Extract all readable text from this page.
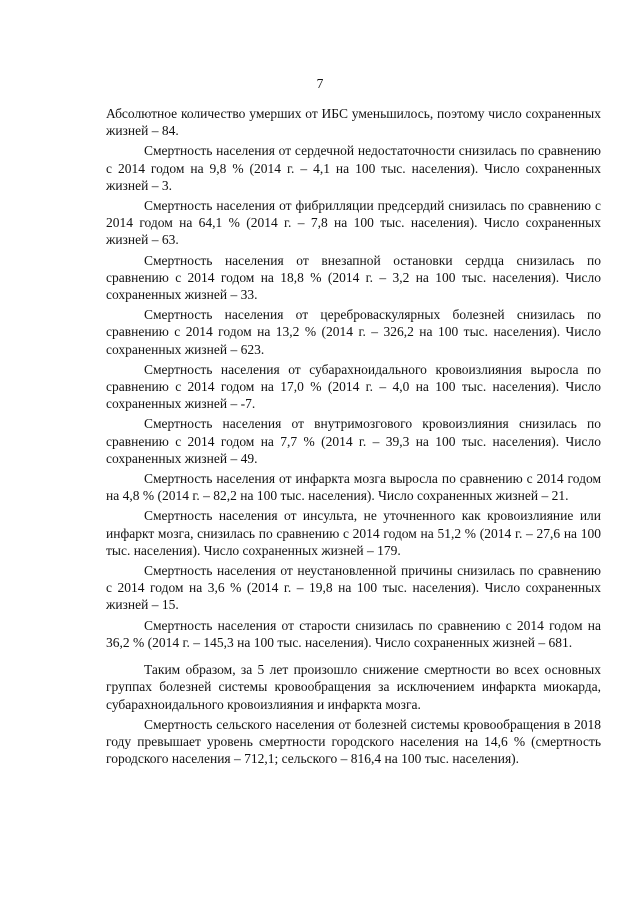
7

Абсолютное количество умерших от ИБС уменьшилось, поэтому число сохраненных жизней – 84.

Смертность населения от сердечной недостаточности снизилась по сравнению с 2014 годом на 9,8 % (2014 г. – 4,1 на 100 тыс. населения). Число сохраненных жизней – 3.

Смертность населения от фибрилляции предсердий снизилась по сравнению с 2014 годом на 64,1 % (2014 г. – 7,8 на 100 тыс. населения). Число сохраненных жизней – 63.

Смертность населения от внезапной остановки сердца снизилась по сравнению с 2014 годом на 18,8 % (2014 г. – 3,2 на 100 тыс. населения). Число сохраненных жизней – 33.

Смертность населения от цереброваскулярных болезней снизилась по сравнению с 2014 годом на 13,2 % (2014 г. – 326,2 на 100 тыс. населения). Число сохраненных жизней – 623.

Смертность населения от субарахноидального кровоизлияния выросла по сравнению с 2014 годом на 17,0 % (2014 г. – 4,0 на 100 тыс. населения). Число сохраненных жизней – -7.

Смертность населения от внутримозгового кровоизлияния снизилась по сравнению с 2014 годом на 7,7 % (2014 г. – 39,3 на 100 тыс. населения). Число сохраненных жизней – 49.

Смертность населения от инфаркта мозга выросла по сравнению с 2014 годом на 4,8 % (2014 г. – 82,2 на 100 тыс. населения). Число сохраненных жизней – 21.

Смертность населения от инсульта, не уточненного как кровоизлияние или инфаркт мозга, снизилась по сравнению с 2014 годом на 51,2 % (2014 г. – 27,6 на 100 тыс. населения). Число сохраненных жизней – 179.

Смертность населения от неустановленной причины снизилась по сравнению с 2014 годом на 3,6 % (2014 г. – 19,8 на 100 тыс. населения). Число сохраненных жизней – 15.

Смертность населения от старости снизилась по сравнению с 2014 годом на 36,2 % (2014 г. – 145,3 на 100 тыс. населения). Число сохраненных жизней – 681.

Таким образом, за 5 лет произошло снижение смертности во всех основных группах болезней системы кровообращения за исключением инфаркта миокарда, субарахноидального кровоизлияния и инфаркта мозга.

Смертность сельского населения от болезней системы кровообращения в 2018 году превышает уровень смертности городского населения на 14,6 % (смертность городского населения – 712,1; сельского – 816,4 на 100 тыс. населения).
